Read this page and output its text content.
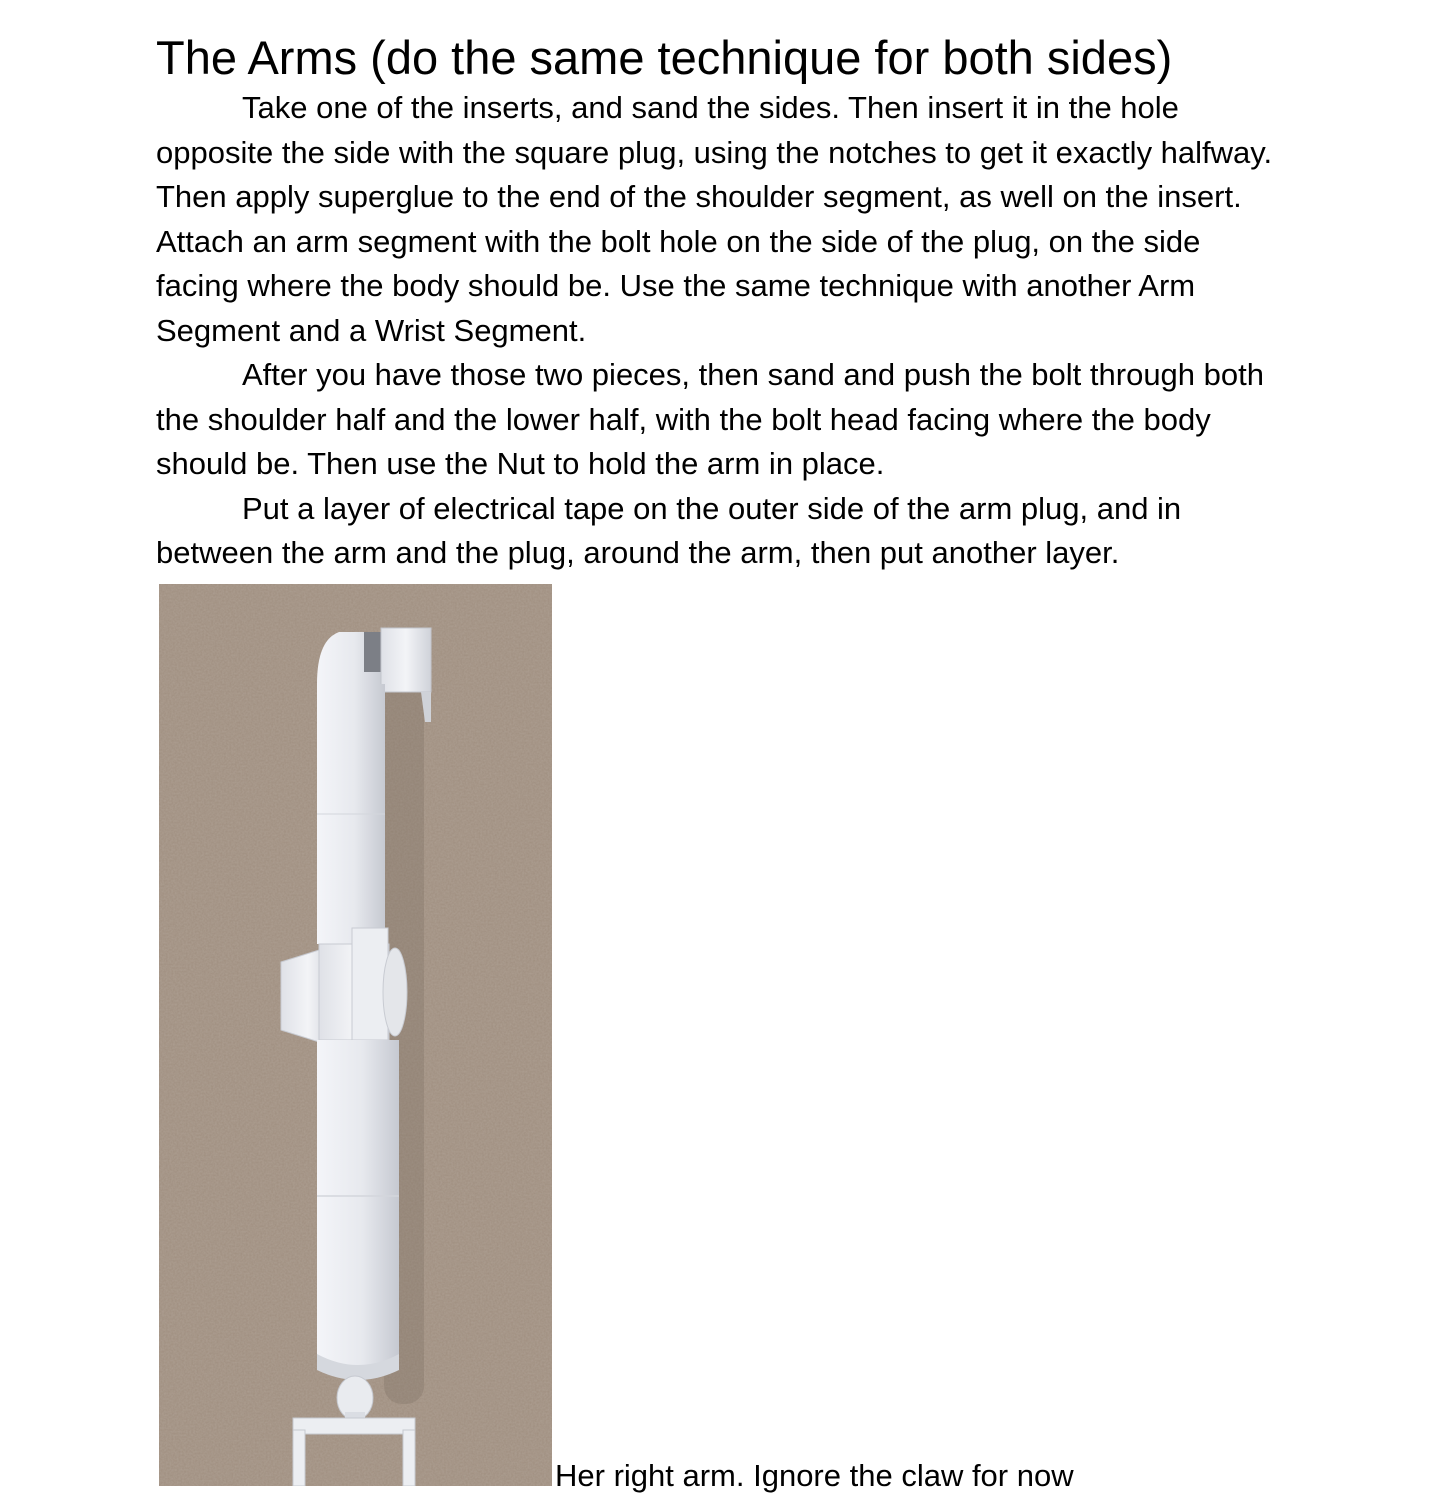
The Arms (do the same technique for both sides)

Take one of the inserts, and sand the sides. Then insert it in the hole opposite the side with the square plug, using the notches to get it exactly halfway. Then apply superglue to the end of the shoulder segment, as well on the insert. Attach an arm segment with the bolt hole on the side of the plug, on the side facing where the body should be. Use the same technique with another Arm Segment and a Wrist Segment.

After you have those two pieces, then sand and push the bolt through both the shoulder half and the lower half, with the bolt head facing where the body should be. Then use the Nut to hold the arm in place.

Put a layer of electrical tape on the outer side of the arm plug, and in between the arm and the plug, around the arm, then put another layer.

Her right arm. Ignore the claw for now
